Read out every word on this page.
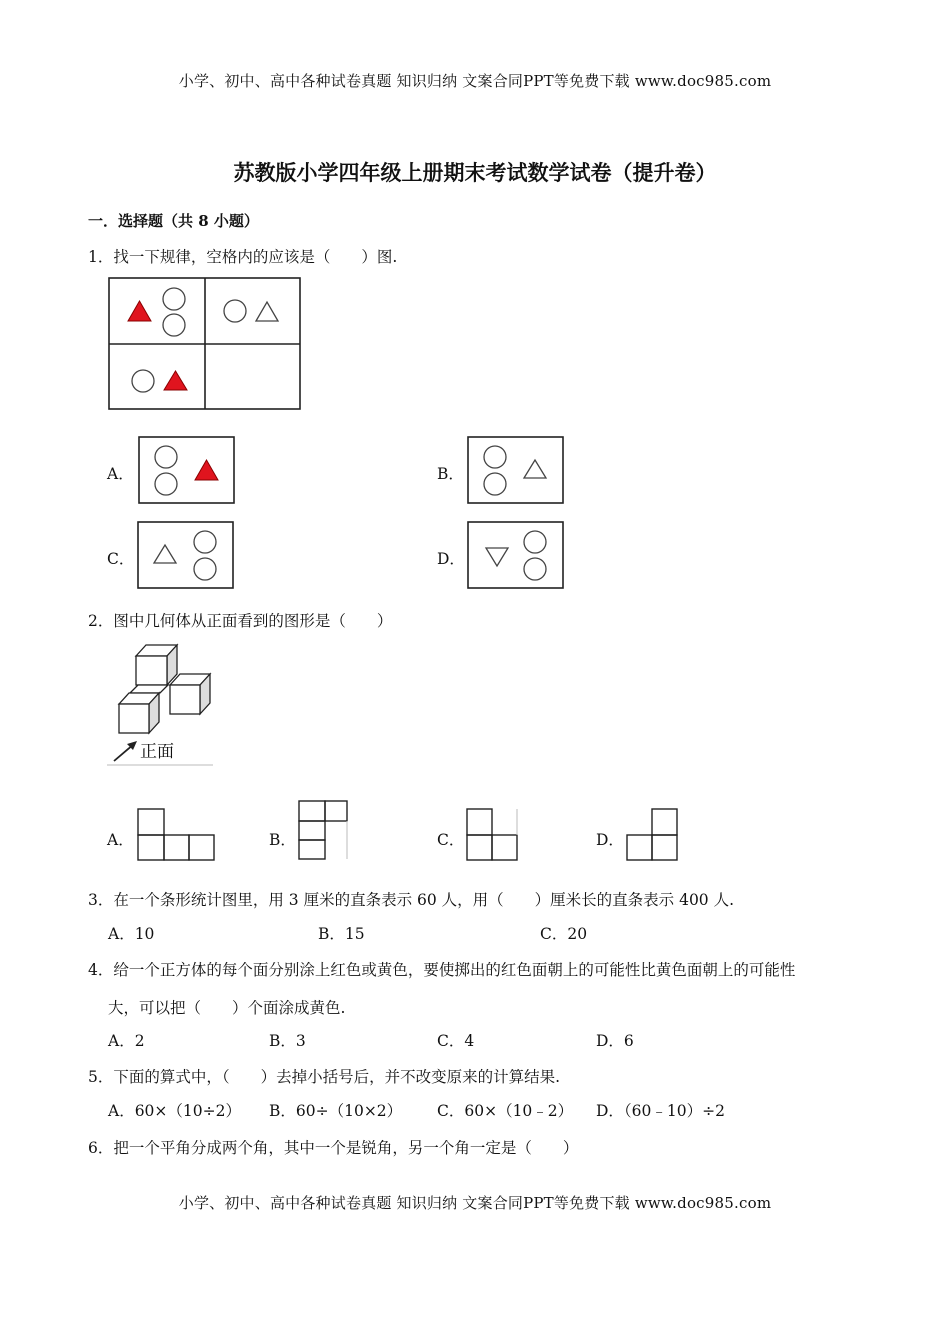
小学、初中、高中各种试卷真题 知识归纳 文案合同PPT等免费下载 www.doc985.com
小学、初中、高中各种试卷真题 知识归纳 文案合同PPT等免费下载 www.doc985.com
苏教版小学四年级上册期末考试数学试卷（提升卷）
一．选择题（共 8 小题）
1．找一下规律，空格内的应该是（　　）图.
A．	B．
C．	D．
2．图中几何体从正面看到的图形是（　　）
正面
A．	B．	C．	D．
3．在一个条形统计图里，用 3 厘米的直条表示 60 人，用（　　）厘米长的直条表示 400 人.
A．10	B．15	C．20
4．给一个正方体的每个面分别涂上红色或黄色，要使掷出的红色面朝上的可能性比黄色面朝上的可能性
大，可以把（　　）个面涂成黄色.
A．2	B．3	C．4	D．6
5．下面的算式中，（　　）去掉小括号后，并不改变原来的计算结果.
A．60×（10÷2） B．60÷（10×2） C．60×（10﹣2） D．（60﹣10）÷2
6．把一个平角分成两个角，其中一个是锐角，另一个角一定是（　　）
